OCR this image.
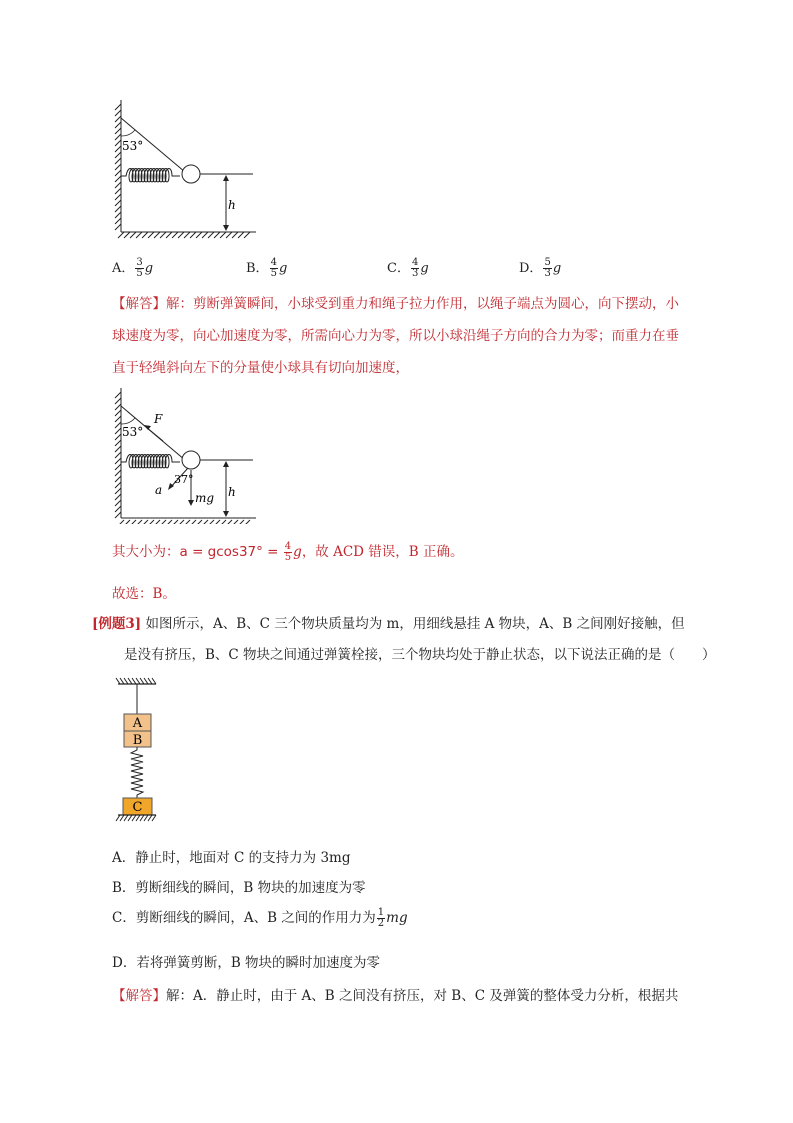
53°
h
A． $\frac{3}{5}$ g	B． $\frac{4}{5}$ g	C． $\frac{4}{3}$ g	D． $\frac{5}{3}$ g
【解答】解：剪断弹簧瞬间，小球受到重力和绳子拉力作用，以绳子端点为圆心，向下摆动，小
球速度为零，向心加速度为零，所需向心力为零，所以小球沿绳子方向的合力为零；而重力在垂
直于轻绳斜向左下的分量使小球具有切向加速度，
F
53°
a
37°
mg h
其大小为：$a = gcos37^\circ = \frac{4}{5}$ g，故 ACD 错误，B 正确。
故选：B。
[例题3] 如图所示，A、B、C 三个物块质量均为 m，用细线悬挂 A 物块，A、B 之间刚好接触，但
是没有挤压，B、C 物块之间通过弹簧栓接，三个物块均处于静止状态，以下说法正确的是（　　）
A
B
C
A．静止时，地面对 C 的支持力为 3mg
B．剪断细线的瞬间，B 物块的加速度为零
C．剪断细线的瞬间，A、B 之间的作用力为 $\frac{1}{2}$ mg
D．若将弹簧剪断，B 物块的瞬时加速度为零
【解答】解：A．静止时，由于 A、B 之间没有挤压，对 B、C 及弹簧的整体受力分析，根据共
